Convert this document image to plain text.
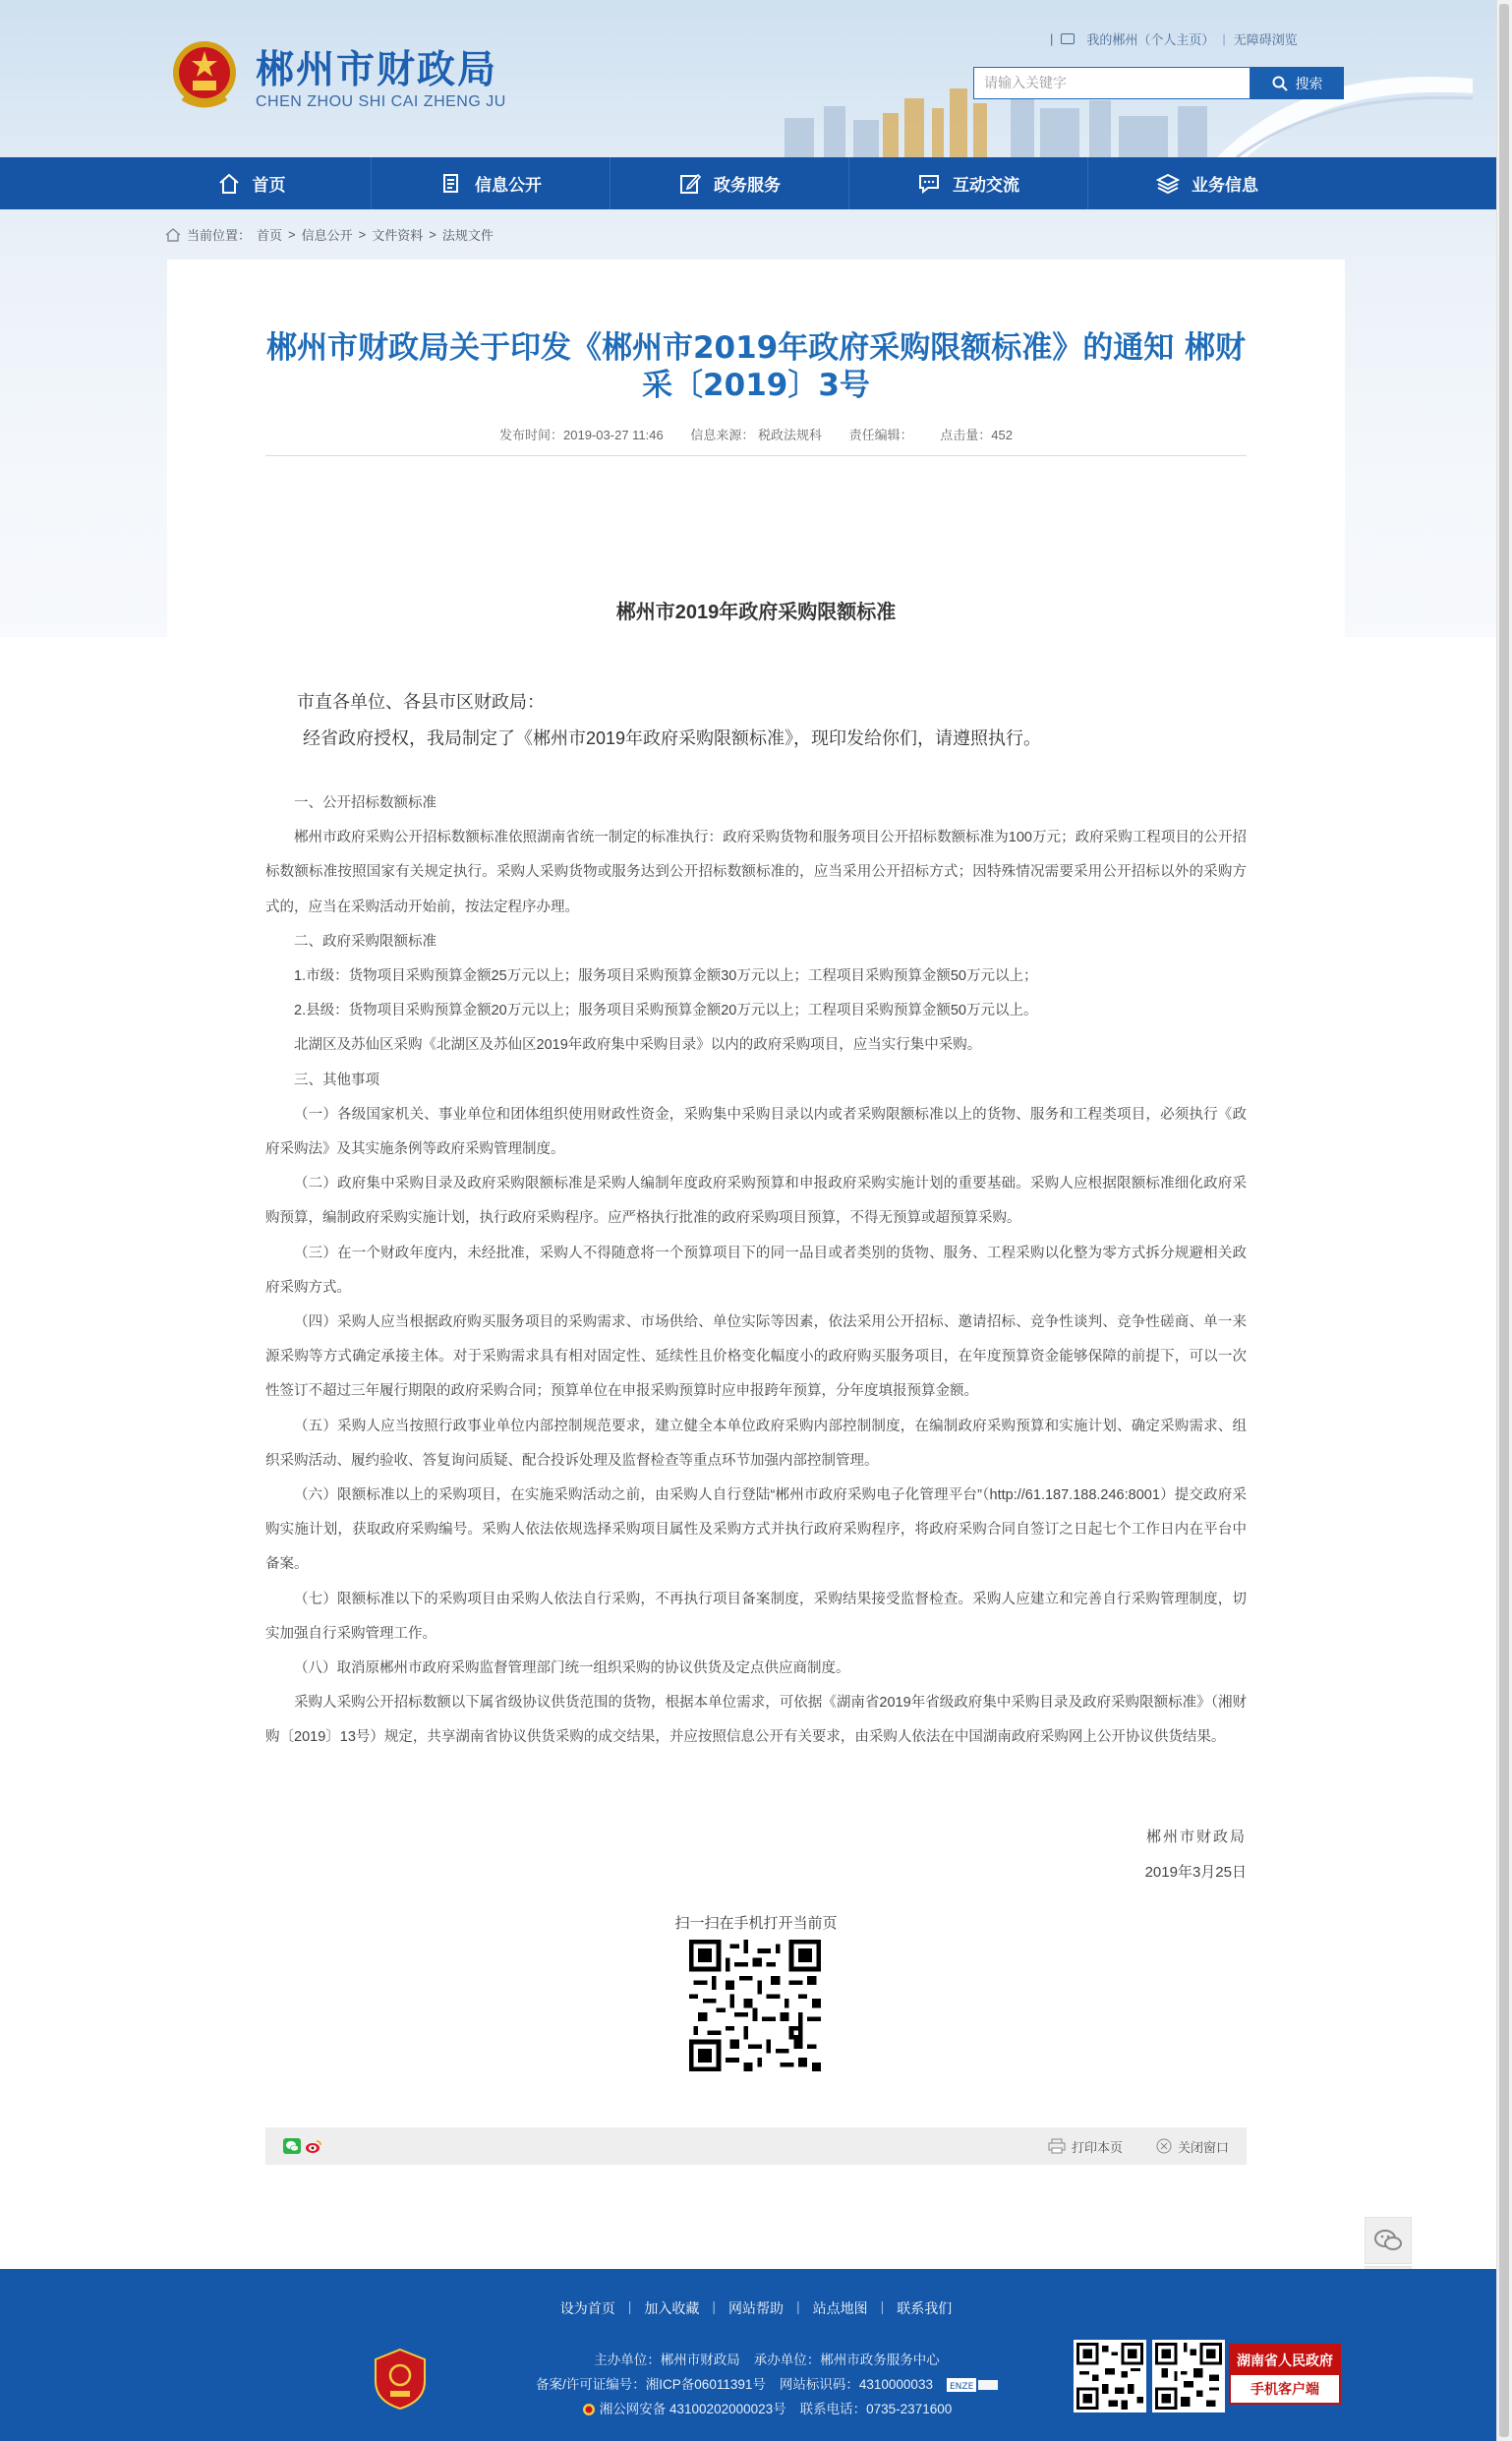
郴州市财政局
CHEN ZHOU SHI CAI ZHENG JU
|	我的郴州（个人主页） | 无障碍浏览
请输入关键字	搜索
首页	信息公开	政务服务	互动交流	业务信息
当前位置： 首页 > 信息公开 > 文件资料 > 法规文件
郴州市财政局关于印发《郴州市2019年政府采购限额标准》的通知 郴财采〔2019〕3号
发布时间：2019-03-27 11:46 信息来源： 税政法规科 责任编辑： 点击量：452
郴州市2019年政府采购限额标准
市直各单位、各县市区财政局：
经省政府授权，我局制定了《郴州市2019年政府采购限额标准》，现印发给你们，请遵照执行。

一、公开招标数额标准

郴州市政府采购公开招标数额标准依照湖南省统一制定的标准执行：政府采购货物和服务项目公开招标数额标准为100万元；政府采购工程项目的公开招标数额标准按照国家有关规定执行。采购人采购货物或服务达到公开招标数额标准的，应当采用公开招标方式；因特殊情况需要采用公开招标以外的采购方式的，应当在采购活动开始前，按法定程序办理。

二、政府采购限额标准

1.市级：货物项目采购预算金额25万元以上；服务项目采购预算金额30万元以上；工程项目采购预算金额50万元以上；

2.县级：货物项目采购预算金额20万元以上；服务项目采购预算金额20万元以上；工程项目采购预算金额50万元以上。

北湖区及苏仙区采购《北湖区及苏仙区2019年政府集中采购目录》以内的政府采购项目，应当实行集中采购。

三、其他事项

（一）各级国家机关、事业单位和团体组织使用财政性资金，采购集中采购目录以内或者采购限额标准以上的货物、服务和工程类项目，必须执行《政府采购法》及其实施条例等政府采购管理制度。

（二）政府集中采购目录及政府采购限额标准是采购人编制年度政府采购预算和申报政府采购实施计划的重要基础。采购人应根据限额标准细化政府采购预算，编制政府采购实施计划，执行政府采购程序。应严格执行批准的政府采购项目预算，不得无预算或超预算采购。

（三）在一个财政年度内，未经批准，采购人不得随意将一个预算项目下的同一品目或者类别的货物、服务、工程采购以化整为零方式拆分规避相关政府采购方式。

（四）采购人应当根据政府购买服务项目的采购需求、市场供给、单位实际等因素，依法采用公开招标、邀请招标、竞争性谈判、竞争性磋商、单一来源采购等方式确定承接主体。对于采购需求具有相对固定性、延续性且价格变化幅度小的政府购买服务项目，在年度预算资金能够保障的前提下，可以一次性签订不超过三年履行期限的政府采购合同；预算单位在申报采购预算时应申报跨年预算，分年度填报预算金额。

（五）采购人应当按照行政事业单位内部控制规范要求，建立健全本单位政府采购内部控制制度，在编制政府采购预算和实施计划、确定采购需求、组织采购活动、履约验收、答复询问质疑、配合投诉处理及监督检查等重点环节加强内部控制管理。

（六）限额标准以上的采购项目，在实施采购活动之前，由采购人自行登陆“郴州市政府采购电子化管理平台”（http://61.187.188.246:8001）提交政府采购实施计划，获取政府采购编号。采购人依法依规选择采购项目属性及采购方式并执行政府采购程序，将政府采购合同自签订之日起七个工作日内在平台中备案。

（七）限额标准以下的采购项目由采购人依法自行采购，不再执行项目备案制度，采购结果接受监督检查。采购人应建立和完善自行采购管理制度，切实加强自行采购管理工作。

（八）取消原郴州市政府采购监督管理部门统一组织采购的协议供货及定点供应商制度。

采购人采购公开招标数额以下属省级协议供货范围的货物，根据本单位需求，可依据《湖南省2019年省级政府集中采购目录及政府采购限额标准》（湘财购〔2019〕13号）规定，共享湖南省协议供货采购的成交结果，并应按照信息公开有关要求，由采购人依法在中国湖南政府采购网上公开协议供货结果。

郴州市财政局
2019年3月25日
扫一扫在手机打开当前页
打印本页	关闭窗口
设为首页 | 加入收藏 | 网站帮助 | 站点地图 | 联系我们
主办单位：郴州市财政局 承办单位：郴州市政务服务中心
备案/许可证编号：湘ICP备06011391号 网站标识码：4310000033 ENZE
湘公网安备 43100202000023号 联系电话：0735-2371600
湖南省人民政府
手机客户端
